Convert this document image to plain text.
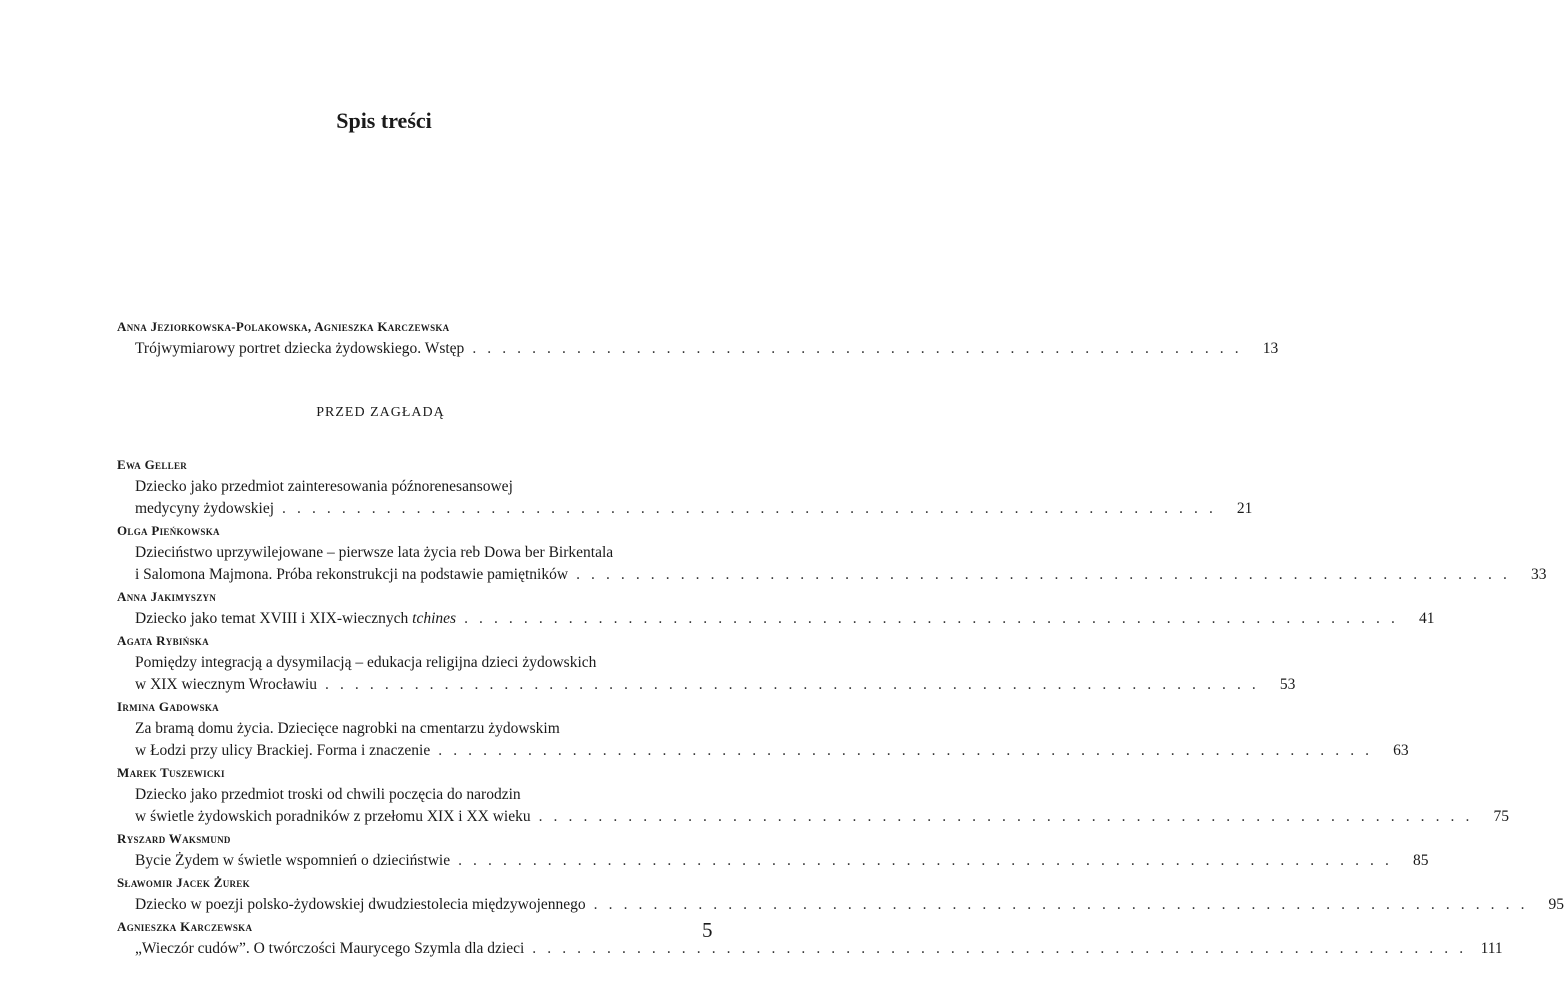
Spis treści
Anna Jeziorkowska-Polakowska, Agnieszka Karczewska
Trójwymiarowy portret dziecka żydowskiego. Wstęp . . . . . . . . . . . . . . . . . . . . . . . . . . . . . . . . . . . . . . . . . . . . . . . . . . . .	13
PRZED ZAGŁADĄ
Ewa Geller
Dziecko jako przedmiot zainteresowania późnorenesansowej
medycyny żydowskiej . . . . . . . . . . . . . . . . . . . . . . . . . . . . . . . . . . . . . . . . . . . . . . . . . . . . . . . . . . . . . . .	21
Olga Pieńkowska
Dzieciństwo uprzywilejowane – pierwsze lata życia reb Dowa ber Birkentala
i Salomona Majmona. Próba rekonstrukcji na podstawie pamiętników . . . . . . . . . . . . . . . . . . . . . . . . . . . . . . . . . . . . . . . . . . . . . . . . . . . . . . . . . . . . . . .	33
Anna Jakimyszyn
Dziecko jako temat XVIII i XIX-wiecznych tchines . . . . . . . . . . . . . . . . . . . . . . . . . . . . . . . . . . . . . . . . . . . . . . . . . . . . . . . . . . . . . . .	41
Agata Rybińska
Pomiędzy integracją a dysymilacją – edukacja religijna dzieci żydowskich
w XIX wiecznym Wrocławiu . . . . . . . . . . . . . . . . . . . . . . . . . . . . . . . . . . . . . . . . . . . . . . . . . . . . . . . . . . . . . . .	53
Irmina Gadowska
Za bramą domu życia. Dziecięce nagrobki na cmentarzu żydowskim
w Łodzi przy ulicy Brackiej. Forma i znaczenie . . . . . . . . . . . . . . . . . . . . . . . . . . . . . . . . . . . . . . . . . . . . . . . . . . . . . . . . . . . . . . .	63
Marek Tuszewicki
Dziecko jako przedmiot troski od chwili poczęcia do narodzin
w świetle żydowskich poradników z przełomu XIX i XX wieku . . . . . . . . . . . . . . . . . . . . . . . . . . . . . . . . . . . . . . . . . . . . . . . . . . . . . . . . . . . . . . .	75
Ryszard Waksmund
Bycie Żydem w świetle wspomnień o dzieciństwie . . . . . . . . . . . . . . . . . . . . . . . . . . . . . . . . . . . . . . . . . . . . . . . . . . . . . . . . . . . . . . .	85
Sławomir Jacek Żurek
Dziecko w poezji polsko-żydowskiej dwudziestolecia międzywojennego . . . . . . . . . . . . . . . . . . . . . . . . . . . . . . . . . . . . . . . . . . . . . . . . . . . . . . . . . . . . . . .	95
Agnieszka Karczewska
„Wieczór cudów”. O twórczości Maurycego Szymla dla dzieci . . . . . . . . . . . . . . . . . . . . . . . . . . . . . . . . . . . . . . . . . . . . . . . . . . . . . . . . . . . . . . . 111
5
